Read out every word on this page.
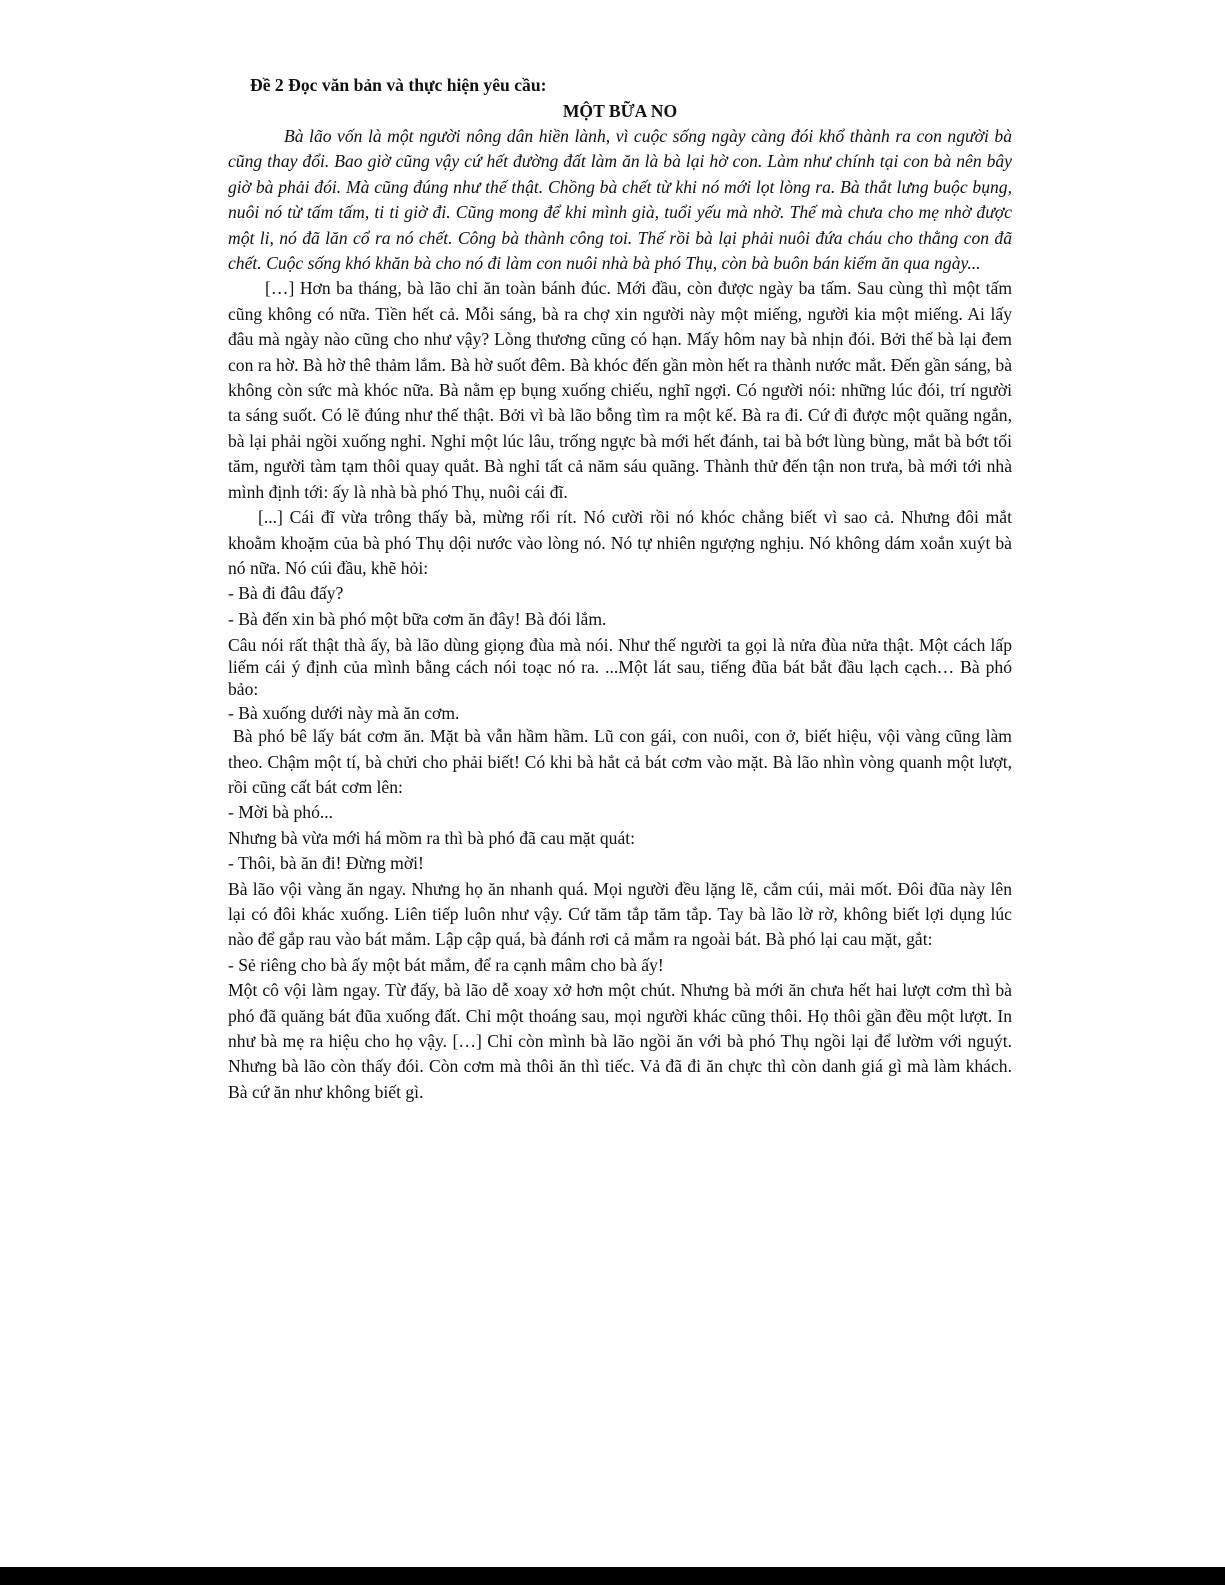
Đề 2 Đọc văn bản và thực hiện yêu cầu:
MỘT BỮA NO

Bà lão vốn là một người nông dân hiền lành, vì cuộc sống ngày càng đói khổ thành ra con người bà cũng thay đổi. Bao giờ cũng vậy cứ hết đường đất làm ăn là bà lại hờ con. Làm như chính tại con bà nên bây giờ bà phải đói. Mà cũng đúng như thế thật. Chồng bà chết từ khi nó mới lọt lòng ra. Bà thắt lưng buộc bụng, nuôi nó từ tấm tấm, ti ti giờ đi. Cũng mong để khi mình già, tuổi yếu mà nhờ. Thế mà chưa cho mẹ nhờ được một li, nó đã lăn cổ ra nó chết. Công bà thành công toi. Thế rồi bà lại phải nuôi đứa cháu cho thằng con đã chết. Cuộc sống khó khăn bà cho nó đi làm con nuôi nhà bà phó Thụ, còn bà buôn bán kiếm ăn qua ngày...

[…] Hơn ba tháng, bà lão chỉ ăn toàn bánh đúc. Mới đầu, còn được ngày ba tấm. Sau cùng thì một tấm cũng không có nữa. Tiền hết cả. Mỗi sáng, bà ra chợ xin người này một miếng, người kia một miếng. Ai lấy đâu mà ngày nào cũng cho như vậy? Lòng thương cũng có hạn. Mấy hôm nay bà nhịn đói. Bởi thế bà lại đem con ra hờ. Bà hờ thê thảm lắm. Bà hờ suốt đêm. Bà khóc đến gần mòn hết ra thành nước mắt. Đến gần sáng, bà không còn sức mà khóc nữa. Bà nằm ẹp bụng xuống chiếu, nghĩ ngợi. Có người nói: những lúc đói, trí người ta sáng suốt. Có lẽ đúng như thế thật. Bởi vì bà lão bỗng tìm ra một kế. Bà ra đi. Cứ đi được một quãng ngắn, bà lại phải ngồi xuống nghỉ. Nghỉ một lúc lâu, trống ngực bà mới hết đánh, tai bà bớt lùng bùng, mắt bà bớt tối tăm, người tàm tạm thôi quay quắt. Bà nghỉ tất cả năm sáu quãng. Thành thử đến tận non trưa, bà mới tới nhà mình định tới: ấy là nhà bà phó Thụ, nuôi cái đĩ.

[...] Cái đĩ vừa trông thấy bà, mừng rối rít. Nó cười rồi nó khóc chẳng biết vì sao cả. Nhưng đôi mắt khoằm khoặm của bà phó Thụ dội nước vào lòng nó. Nó tự nhiên ngượng nghịu. Nó không dám xoắn xuýt bà nó nữa. Nó cúi đầu, khẽ hỏi:

- Bà đi đâu đấy?

- Bà đến xin bà phó một bữa cơm ăn đây! Bà đói lắm.

Câu nói rất thật thà ấy, bà lão dùng giọng đùa mà nói. Như thế người ta gọi là nửa đùa nửa thật. Một cách lấp liếm cái ý định của mình bằng cách nói toạc nó ra. ...Một lát sau, tiếng đũa bát bắt đầu lạch cạch… Bà phó bảo:

- Bà xuống dưới này mà ăn cơm.

Bà phó bê lấy bát cơm ăn. Mặt bà vẫn hầm hầm. Lũ con gái, con nuôi, con ở, biết hiệu, vội vàng cũng làm theo. Chậm một tí, bà chửi cho phải biết! Có khi bà hắt cả bát cơm vào mặt. Bà lão nhìn vòng quanh một lượt, rồi cũng cất bát cơm lên:

- Mời bà phó...

Nhưng bà vừa mới há mồm ra thì bà phó đã cau mặt quát:

- Thôi, bà ăn đi! Đừng mời!

Bà lão vội vàng ăn ngay. Nhưng họ ăn nhanh quá. Mọi người đều lặng lẽ, cắm cúi, mải mốt. Đôi đũa này lên lại có đôi khác xuống. Liên tiếp luôn như vậy. Cứ tăm tắp tăm tắp. Tay bà lão lờ rờ, không biết lợi dụng lúc nào để gắp rau vào bát mắm. Lập cập quá, bà đánh rơi cả mắm ra ngoài bát. Bà phó lại cau mặt, gắt:

- Sẻ riêng cho bà ấy một bát mắm, để ra cạnh mâm cho bà ấy!

Một cô vội làm ngay. Từ đấy, bà lão dễ xoay xở hơn một chút. Nhưng bà mới ăn chưa hết hai lượt cơm thì bà phó đã quăng bát đũa xuống đất. Chỉ một thoáng sau, mọi người khác cũng thôi. Họ thôi gần đều một lượt. In như bà mẹ ra hiệu cho họ vậy. […] Chỉ còn mình bà lão ngồi ăn với bà phó Thụ ngồi lại để lườm với nguýt. Nhưng bà lão còn thấy đói. Còn cơm mà thôi ăn thì tiếc. Vả đã đi ăn chực thì còn danh giá gì mà làm khách. Bà cứ ăn như không biết gì.
